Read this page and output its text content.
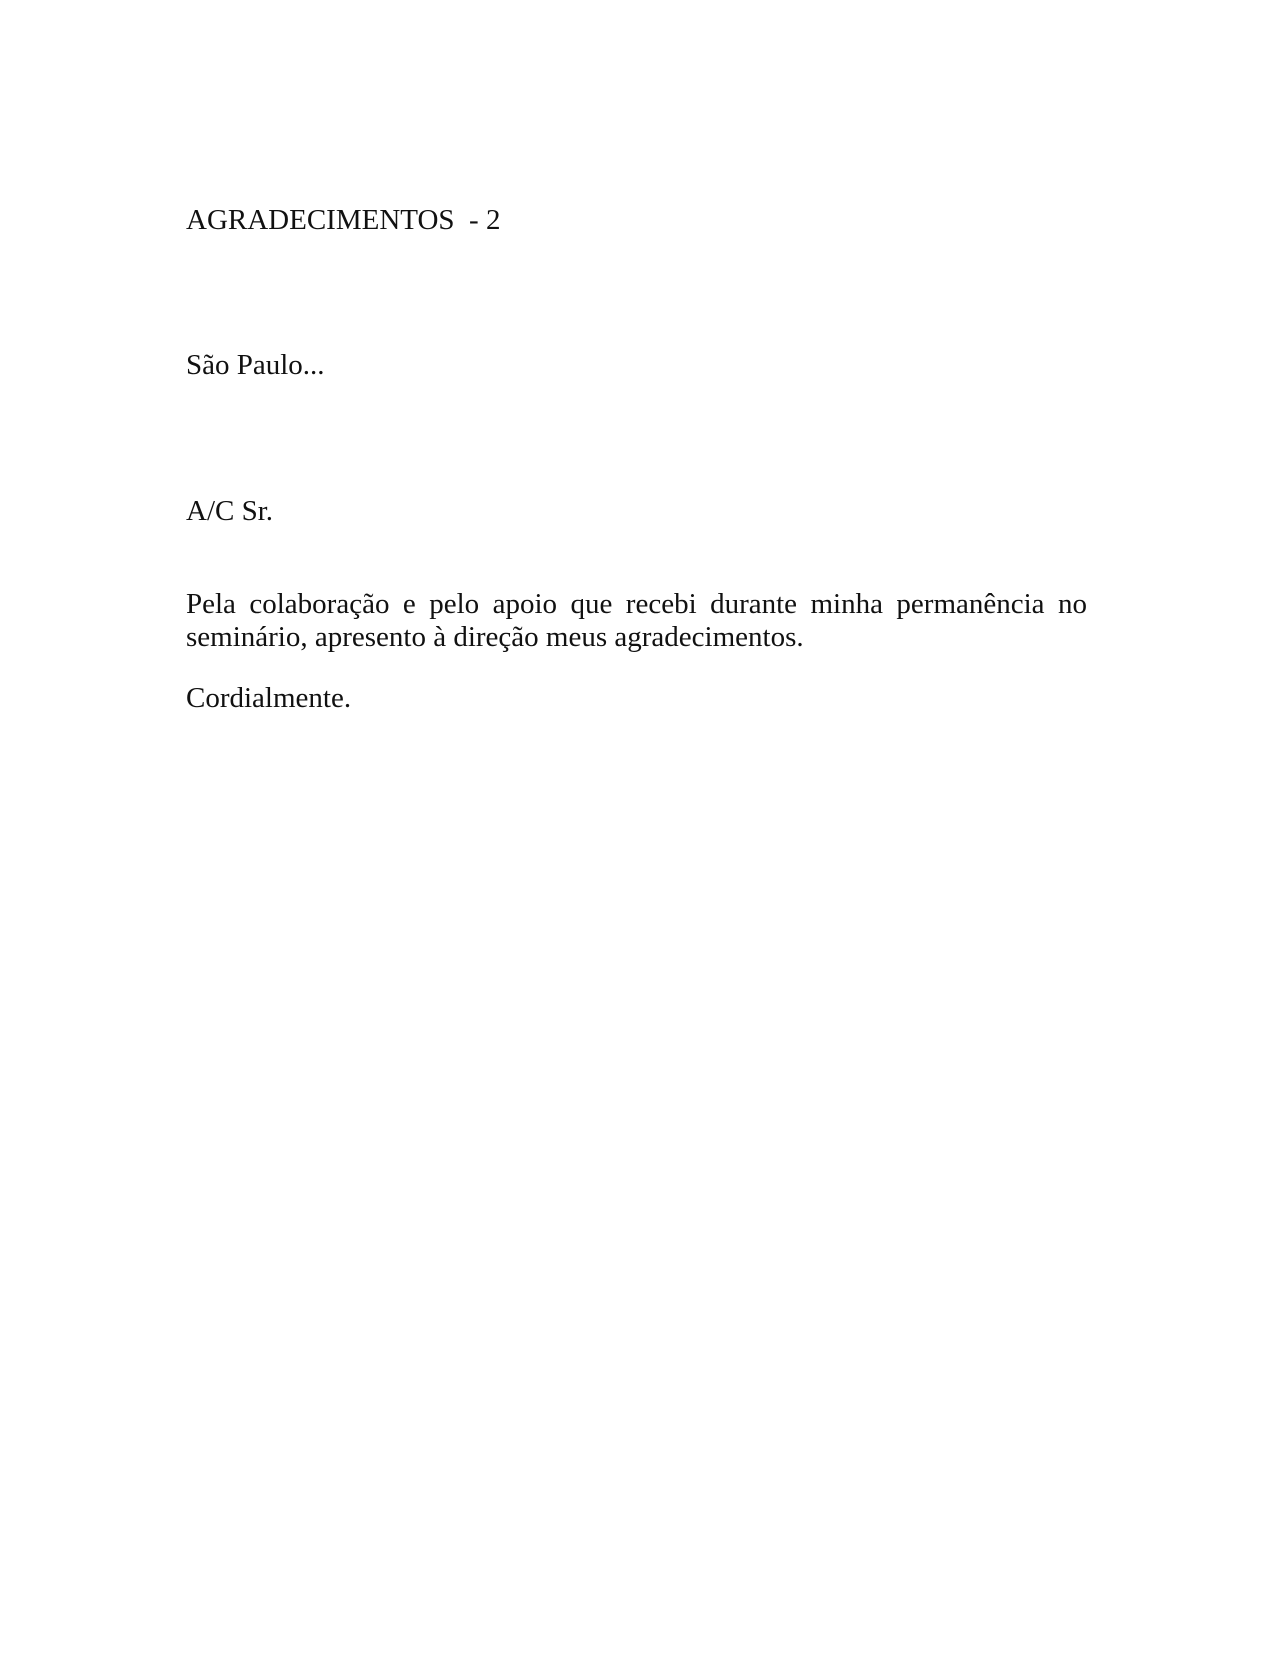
AGRADECIMENTOS  - 2

São Paulo...

A/C Sr.

Pela colaboração e pelo apoio que recebi durante minha permanência no seminário, apresento à direção meus agradecimentos.

Cordialmente.
